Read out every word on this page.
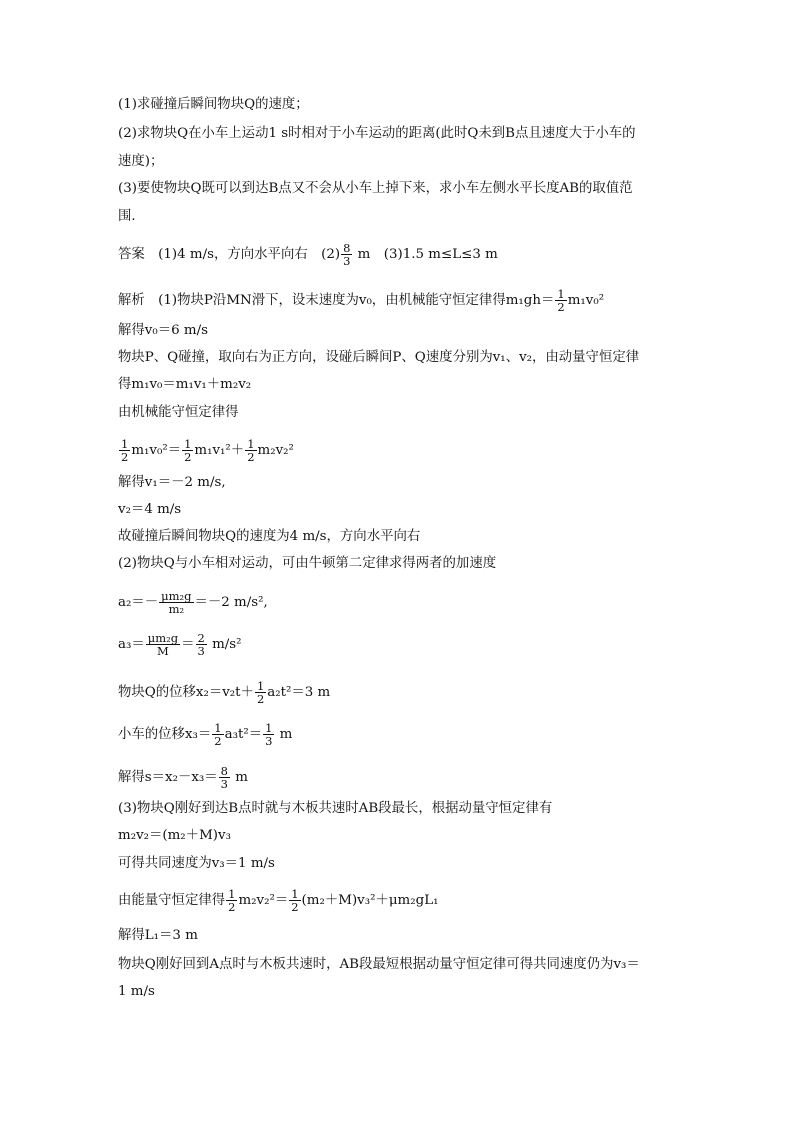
(1)求碰撞后瞬间物块Q的速度；
(2)求物块Q在小车上运动1 s时相对于小车运动的距离(此时Q未到B点且速度大于小车的
速度)；
(3)要使物块Q既可以到达B点又不会从小车上掉下来，求小车左侧水平长度AB的取值范
围．
答案　(1)4 m/s，方向水平向右　$(2) \frac{8}{3}$ m　(3)1.5 m≤L≤3 m
解析　(1)物块P沿MN滑下，设末速度为v₀，由机械能守恒定律得$m_1gh= \frac{1}{2} m_1v_0^2$
解得v₀＝6 m/s
物块P、Q碰撞，取向右为正方向，设碰后瞬间P、Q速度分别为v₁、v₂，由动量守恒定律
得m₁v₀＝m₁v₁＋m₂v₂
由机械能守恒定律得
$\frac{1}{2} m_1v_0^2= \frac{1}{2} m_1v_1^2+ \frac{1}{2} m_2v_2^2$
解得v₁＝－2 m/s,
v₂＝4 m/s
故碰撞后瞬间物块Q的速度为4 m/s，方向水平向右
(2)物块Q与小车相对运动，可由牛顿第二定律求得两者的加速度
$a_2=- \frac{\text{μm₂g}}{\text{m₂}} =-2$ m/s²,
$a_3= \frac{\text{μm₂g}}{M} = \frac{2}{3} m/s^2$
物块Q的位移$x_2=v_2t+ \frac{1}{2} a_2t^2=3$ m
小车的位移$x_3= \frac{1}{2} a_3t^2= \frac{1}{3}$ m
解得$s=x_2-x_3= \frac{8}{3}$ m
(3)物块Q刚好到达B点时就与木板共速时AB段最长，根据动量守恒定律有
m₂v₂＝(m₂＋M)v₃
可得共同速度为v₃＝1 m/s
由能量守恒定律得 $\frac{1}{2} m_2v_2^2= \frac{1}{2} (m_2+M)v_3^2+\mu m_2gL_1$
解得L₁＝3 m
物块Q刚好回到A点时与木板共速时，AB段最短根据动量守恒定律可得共同速度仍为v₃＝
1 m/s
